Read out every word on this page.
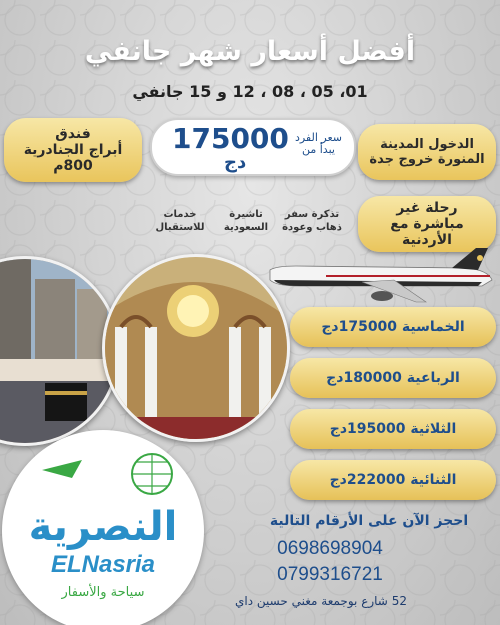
أفضل أسعار شهر جانفي
01، 05 ، 08 ، 12 و 15 جانفي
فندق
أبراج الجنادرية
800م
175000
دج
سعر الفرد
يبدأ من	الدخول المدينة
المنورة خروج جدة
تذكرة سفر
ذهاب وعودة
تاشيرة
السعودية
خدمات
للاستقبال
رحلة غير
مباشرة مع
الأردنية
النصرية
ELNasria
سياحة والأسفار
الخماسية 175000دج
الرباعية 180000دج
الثلاثية 195000دج
الثنائية 222000دج
احجز الآن على الأرقام التالية
0698698904
0799316721
52 شارع بوجمعة مغني حسين داي
